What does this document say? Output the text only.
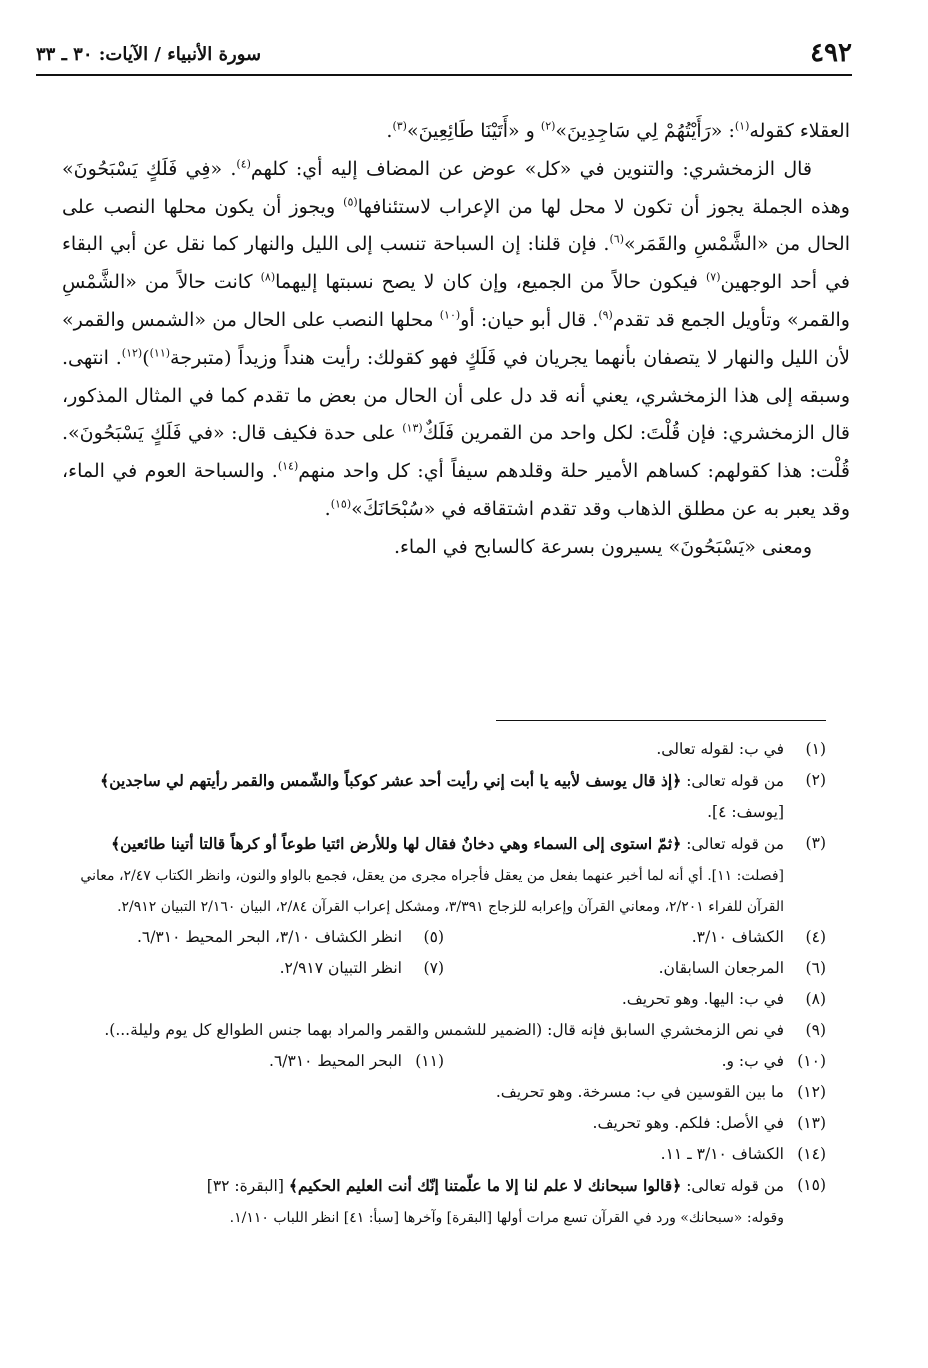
٤٩٢
سورة الأنبياء / الآيات: ٣٠ ـ ٣٣

العقلاء كقوله$^{(١)}$: «رَأَيْتُهُمْ لِي سَاجِدِينَ»$^{(٢)}$ و «أَتَيْنَا طَائِعِينَ»$^{(٣)}$.

قال الزمخشري: والتنوين في «كل» عوض عن المضاف إليه أي: كلهم$^{(٤)}$. «فِي فَلَكٍ يَسْبَحُونَ» وهذه الجملة يجوز أن تكون لا محل لها من الإعراب لاستئنافها$^{(٥)}$ ويجوز أن يكون محلها النصب على الحال من «الشَّمْسِ والقَمَر»$^{(٦)}$. فإن قلنا: إن السباحة تنسب إلى الليل والنهار كما نقل عن أبي البقاء في أحد الوجهين$^{(٧)}$ فيكون حالاً من الجميع، وإن كان لا يصح نسبتها إليهما$^{(٨)}$ كانت حالاً من «الشَّمْسِ والقمر» وتأويل الجمع قد تقدم$^{(٩)}$. قال أبو حيان: أو$^{(١٠)}$ محلها النصب على الحال من «الشمس والقمر» لأن الليل والنهار لا يتصفان بأنهما يجريان في فَلَكٍ فهو كقولك: رأيت هنداً وزيداً (متبرجة$^{(١١)}$)$^{(١٢)}$. انتهى. وسبقه إلى هذا الزمخشري، يعني أنه قد دل على أن الحال من بعض ما تقدم كما في المثال المذكور، قال الزمخشري: فإن قُلْتَ: لكل واحد من القمرين فَلَكٌ$^{(١٣)}$ على حدة فكيف قال: «في فَلَكٍ يَسْبَحُونَ». قُلْت: هذا كقولهم: كساهم الأمير حلة وقلدهم سيفاً أي: كل واحد منهم$^{(١٤)}$. والسباحة العوم في الماء، وقد يعبر به عن مطلق الذهاب وقد تقدم اشتقاقه في «سُبْحَانَكَ»$^{(١٥)}$.

ومعنى «يَسْبَحُونَ» يسيرون بسرعة كالسابح في الماء.

(١)
في ب: لقوله تعالى.

(٢)
من قوله تعالى: ﴿إذ قال يوسف لأبيه يا أبت إني رأيت أحد عشر كوكباً والشّمس والقمر رأيتهم لي ساجدين﴾ [يوسف: ٤].

(٣)
من قوله تعالى: ﴿ثمّ استوى إلى السماء وهي دخانٌ فقال لها وللأرض ائتيا طوعاً أو كرهاً قالتا أتينا طائعين﴾ [فصلت: ١١]. أي أنه لما أخبر عنهما بفعل من يعقل فأجراه مجرى من يعقل، فجمع بالواو والنون، وانظر الكتاب ٢/٤٧، معاني القرآن للفراء ٢/٢٠١، ومعاني القرآن وإعرابه للزجاج ٣/٣٩١، ومشكل إعراب القرآن ٢/٨٤، البيان ٢/١٦٠ التبيان ٢/٩١٢.

(٤)
الكشاف ٣/١٠.
(٥)
انظر الكشاف ٣/١٠، البحر المحيط ٦/٣١٠.
(٦)
المرجعان السابقان.
(٧)
انظر التبيان ٢/٩١٧.

(٨)
في ب: اليها. وهو تحريف.

(٩)
في نص الزمخشري السابق فإنه قال: (الضمير للشمس والقمر والمراد بهما جنس الطوالع كل يوم وليلة...).

(١٠)
في ب: و.
(١١)
البحر المحيط ٦/٣١٠.

(١٢)
ما بين القوسين في ب: مسرخة. وهو تحريف.

(١٣)
في الأصل: فلكم. وهو تحريف.

(١٤)
الكشاف ٣/١٠ ـ ١١.

(١٥)
من قوله تعالى: ﴿قالوا سبحانك لا علم لنا إلا ما علّمتنا إنّك أنت العليم الحكيم﴾ [البقرة: ٣٢]
وقوله: «سبحانك» ورد في القرآن تسع مرات أولها [البقرة] وآخرها [سبأ: ٤١] انظر اللباب ١/١١٠.
